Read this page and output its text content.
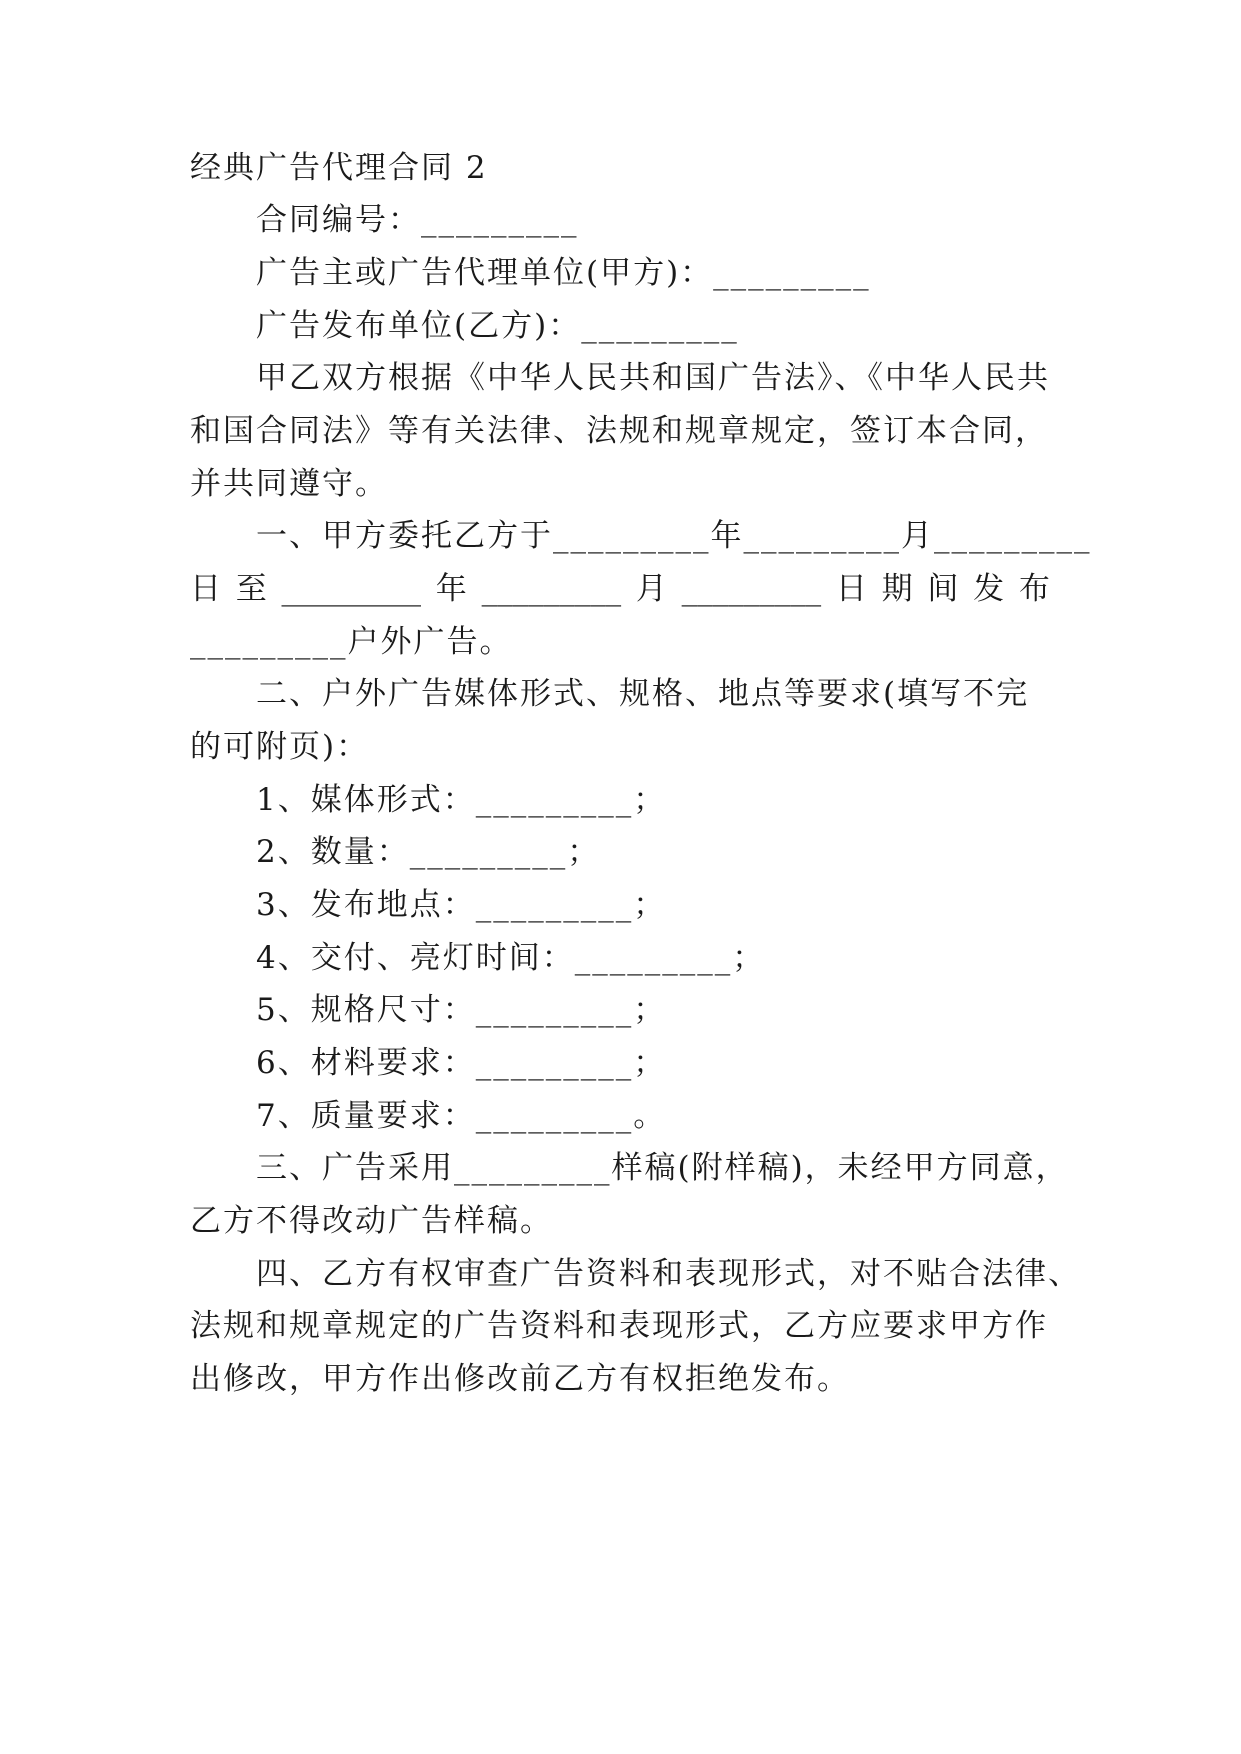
经典广告代理合同 2
合同编号：_________
广告主或广告代理单位(甲方)：_________
广告发布单位(乙方)：_________
甲乙双方根据《中华人民共和国广告法》、《中华人民共
和国合同法》等有关法律、法规和规章规定，签订本合同，
并共同遵守。
一、甲方委托乙方于_________年_________月_________
日 至 _________ 年 _________ 月 _________ 日 期 间 发 布
_________户外广告。
二、户外广告媒体形式、规格、地点等要求(填写不完
的可附页)：
1、媒体形式：_________；
2、数量：_________；
3、发布地点：_________；
4、交付、亮灯时间：_________；
5、规格尺寸：_________；
6、材料要求：_________；
7、质量要求：_________。
三、广告采用_________样稿(附样稿)，未经甲方同意，
乙方不得改动广告样稿。
四、乙方有权审查广告资料和表现形式，对不贴合法律、
法规和规章规定的广告资料和表现形式，乙方应要求甲方作
出修改，甲方作出修改前乙方有权拒绝发布。
